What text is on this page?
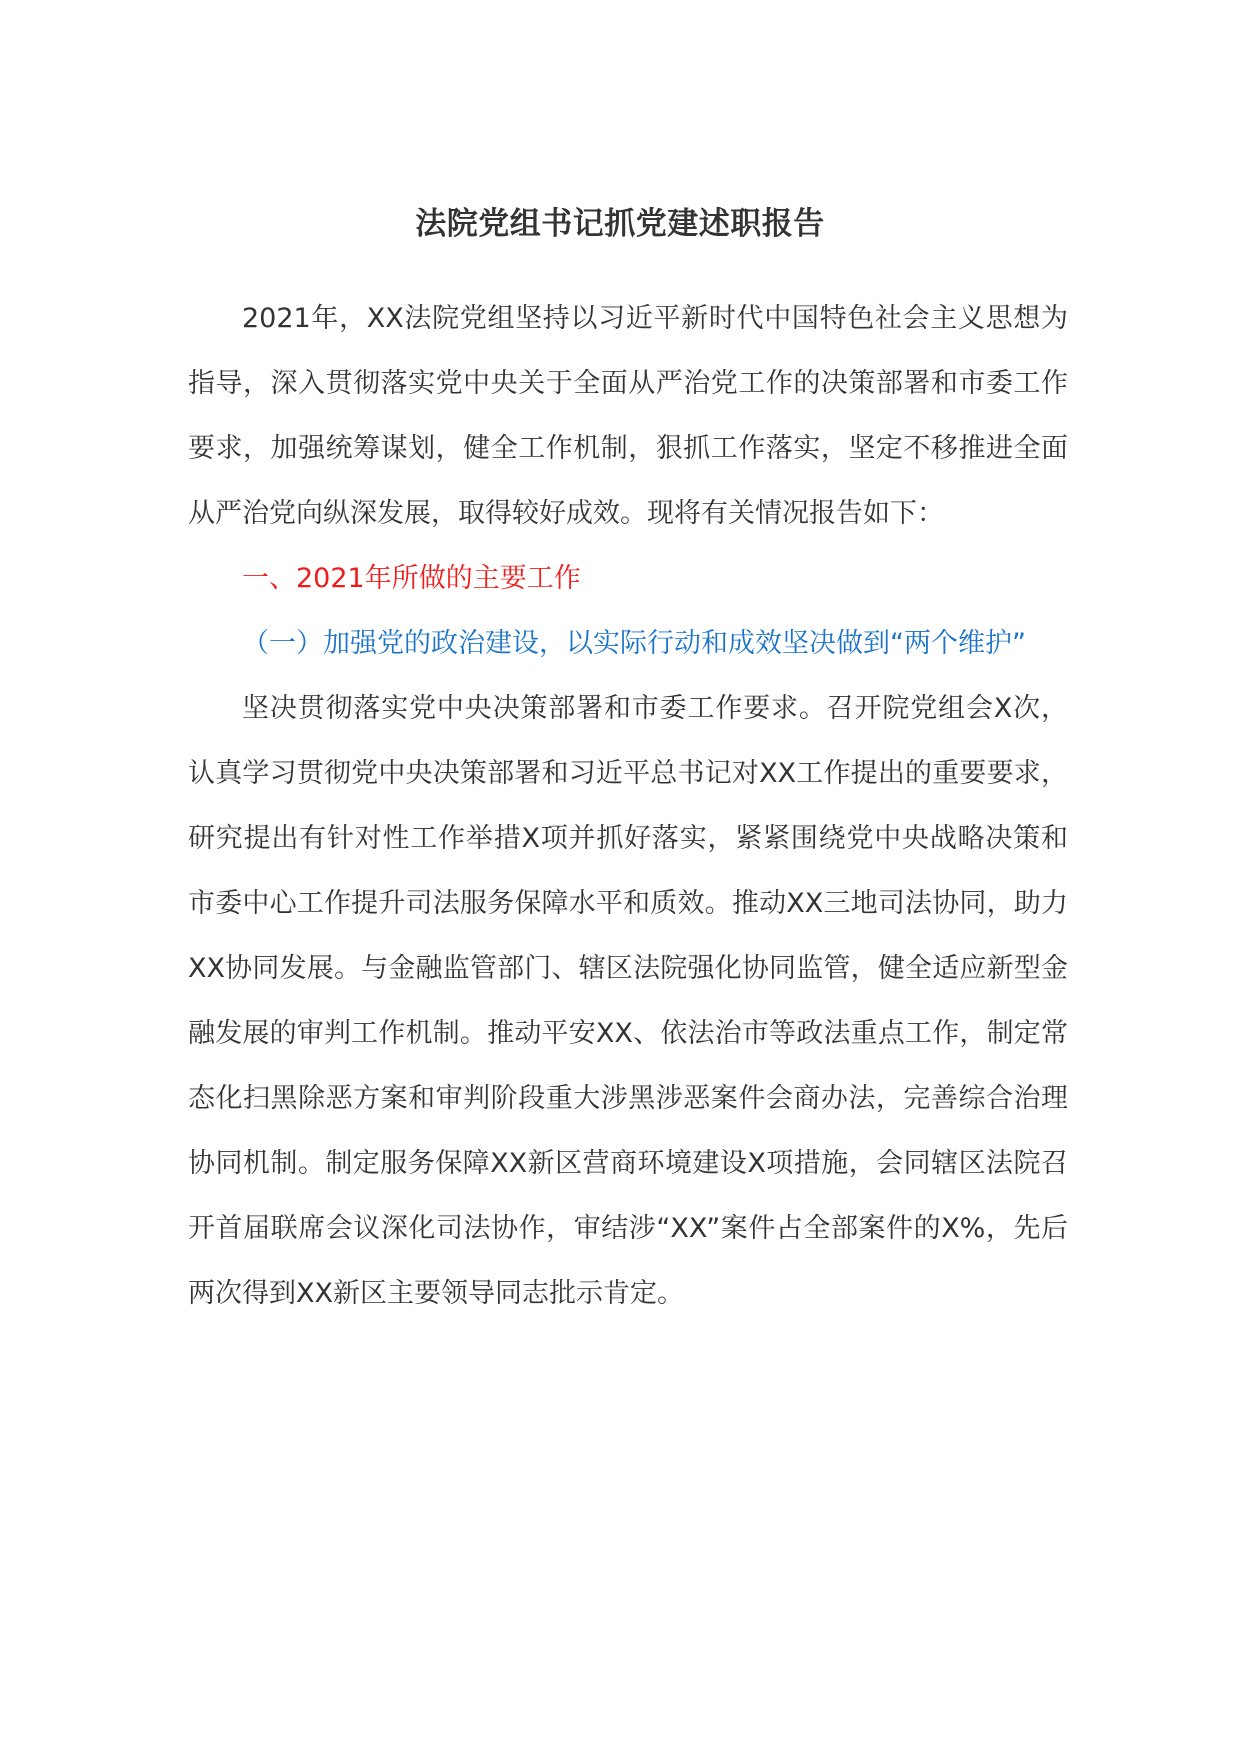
法院党组书记抓党建述职报告

2021年，XX法院党组坚持以习近平新时代中国特色社会主义思想为指导，深入贯彻落实党中央关于全面从严治党工作的决策部署和市委工作要求，加强统筹谋划，健全工作机制，狠抓工作落实，坚定不移推进全面从严治党向纵深发展，取得较好成效。现将有关情况报告如下：

一、2021年所做的主要工作

（一）加强党的政治建设，以实际行动和成效坚决做到“两个维护”

坚决贯彻落实党中央决策部署和市委工作要求。召开院党组会X次，认真学习贯彻党中央决策部署和习近平总书记对XX工作提出的重要要求，研究提出有针对性工作举措X项并抓好落实，紧紧围绕党中央战略决策和市委中心工作提升司法服务保障水平和质效。推动XX三地司法协同，助力XX协同发展。与金融监管部门、辖区法院强化协同监管，健全适应新型金融发展的审判工作机制。推动平安XX、依法治市等政法重点工作，制定常态化扫黑除恶方案和审判阶段重大涉黑涉恶案件会商办法，完善综合治理协同机制。制定服务保障XX新区营商环境建设X项措施，会同辖区法院召开首届联席会议深化司法协作，审结涉“XX”案件占全部案件的X%，先后两次得到XX新区主要领导同志批示肯定。
